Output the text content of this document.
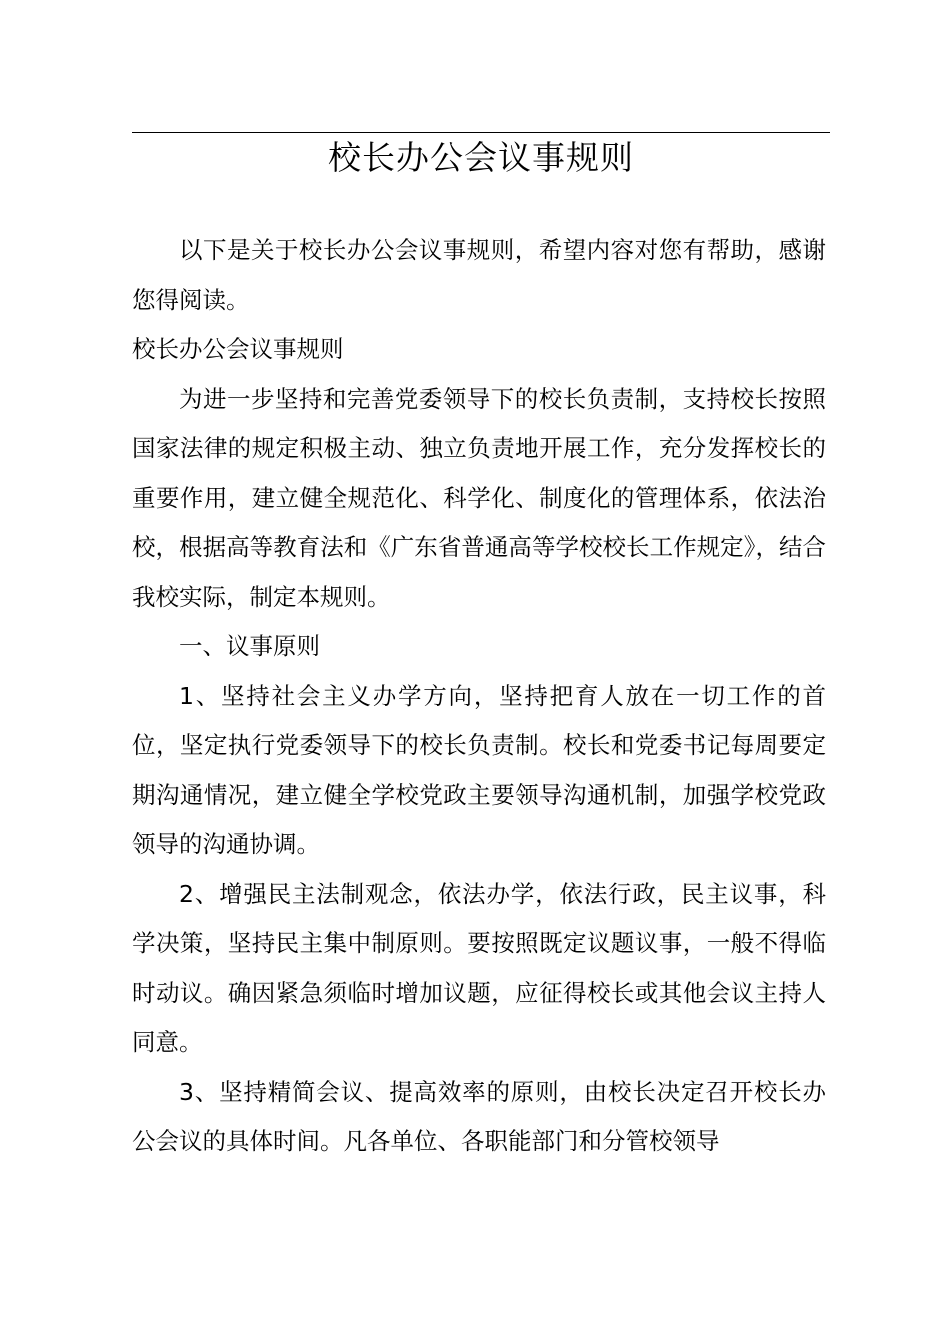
校长办公会议事规则

以下是关于校长办公会议事规则，希望内容对您有帮助，感谢您得阅读。

校长办公会议事规则

为进一步坚持和完善党委领导下的校长负责制，支持校长按照国家法律的规定积极主动、独立负责地开展工作，充分发挥校长的重要作用，建立健全规范化、科学化、制度化的管理体系，依法治校，根据高等教育法和《广东省普通高等学校校长工作规定》，结合我校实际，制定本规则。

一、议事原则

1、坚持社会主义办学方向，坚持把育人放在一切工作的首位，坚定执行党委领导下的校长负责制。校长和党委书记每周要定期沟通情况，建立健全学校党政主要领导沟通机制，加强学校党政领导的沟通协调。

2、增强民主法制观念，依法办学，依法行政，民主议事，科学决策，坚持民主集中制原则。要按照既定议题议事，一般不得临时动议。确因紧急须临时增加议题，应征得校长或其他会议主持人同意。

3、坚持精简会议、提高效率的原则，由校长决定召开校长办公会议的具体时间。凡各单位、各职能部门和分管校领导
